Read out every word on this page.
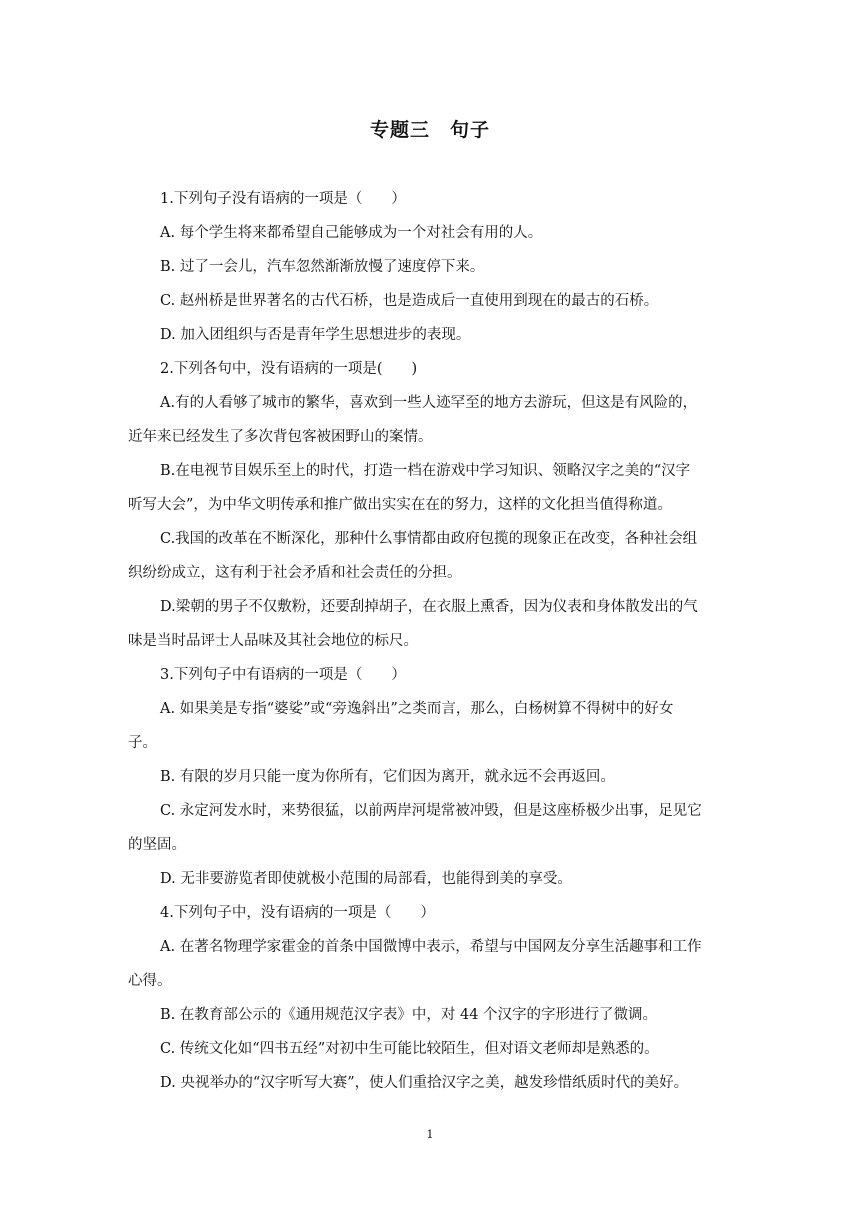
专题三　句子
1.下列句子没有语病的一项是（　　）
A. 每个学生将来都希望自己能够成为一个对社会有用的人。
B. 过了一会儿，汽车忽然渐渐放慢了速度停下来。
C. 赵州桥是世界著名的古代石桥，也是造成后一直使用到现在的最古的石桥。
D. 加入团组织与否是青年学生思想进步的表现。
2.下列各句中，没有语病的一项是(　　)
A.有的人看够了城市的繁华，喜欢到一些人迹罕至的地方去游玩，但这是有风险的，
近年来已经发生了多次背包客被困野山的案情。
B.在电视节目娱乐至上的时代，打造一档在游戏中学习知识、领略汉字之美的“汉字
听写大会”，为中华文明传承和推广做出实实在在的努力，这样的文化担当值得称道。
C.我国的改革在不断深化，那种什么事情都由政府包揽的现象正在改变，各种社会组
织纷纷成立，这有利于社会矛盾和社会责任的分担。
D.梁朝的男子不仅敷粉，还要刮掉胡子，在衣服上熏香，因为仪表和身体散发出的气
味是当时品评士人品味及其社会地位的标尺。
3.下列句子中有语病的一项是（　　）
A. 如果美是专指“婆娑”或“旁逸斜出”之类而言，那么，白杨树算不得树中的好女
子。
B. 有限的岁月只能一度为你所有，它们因为离开，就永远不会再返回。
C. 永定河发水时，来势很猛，以前两岸河堤常被冲毁，但是这座桥极少出事，足见它
的坚固。
D. 无非要游览者即使就极小范围的局部看，也能得到美的享受。
4.下列句子中，没有语病的一项是（　　）
A. 在著名物理学家霍金的首条中国微博中表示，希望与中国网友分享生活趣事和工作
心得。
B. 在教育部公示的《通用规范汉字表》中，对 44 个汉字的字形进行了微调。
C. 传统文化如“四书五经”对初中生可能比较陌生，但对语文老师却是熟悉的。
D. 央视举办的“汉字听写大赛”，使人们重拾汉字之美，越发珍惜纸质时代的美好。
1
